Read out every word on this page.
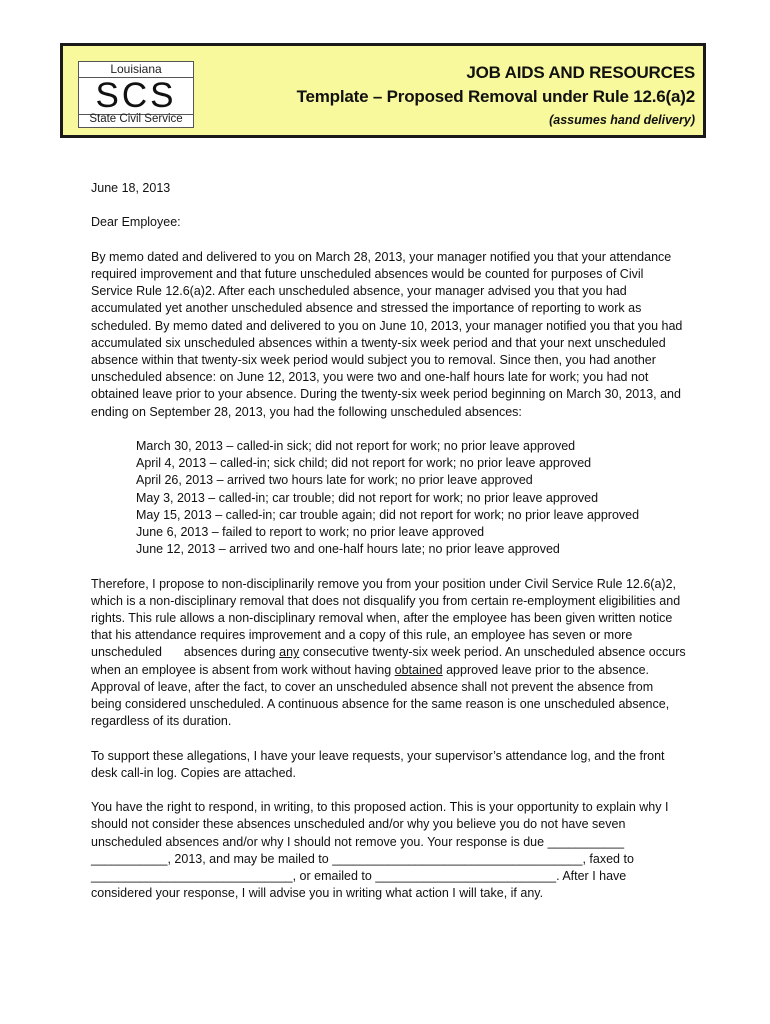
Louisiana
SCS
State Civil Service
JOB AIDS AND RESOURCES
Template – Proposed Removal under Rule 12.6(a)2
(assumes hand delivery)

June 18, 2013

Dear Employee:

By memo dated and delivered to you on March 28, 2013, your manager notified you that your attendance required improvement and that future unscheduled absences would be counted for purposes of Civil Service Rule 12.6(a)2. After each unscheduled absence, your manager advised you that you had accumulated yet another unscheduled absence and stressed the importance of reporting to work as scheduled. By memo dated and delivered to you on June 10, 2013, your manager notified you that you had accumulated six unscheduled absences within a twenty-six week period and that your next unscheduled absence within that twenty-six week period would subject you to removal. Since then, you had another unscheduled absence: on June 12, 2013, you were two and one-half hours late for work; you had not obtained leave prior to your absence. During the twenty-six week period beginning on March 30, 2013, and ending on September 28, 2013, you had the following unscheduled absences:

March 30, 2013 – called-in sick; did not report for work; no prior leave approved
April 4, 2013 – called-in; sick child; did not report for work; no prior leave approved
April 26, 2013 – arrived two hours late for work; no prior leave approved
May 3, 2013 – called-in; car trouble; did not report for work; no prior leave approved
May 15, 2013 – called-in; car trouble again; did not report for work; no prior leave approved
June 6, 2013 – failed to report to work; no prior leave approved
June 12, 2013 – arrived two and one-half hours late; no prior leave approved

Therefore, I propose to non-disciplinarily remove you from your position under Civil Service Rule 12.6(a)2, which is a non-disciplinary removal that does not disqualify you from certain re-employment eligibilities and rights. This rule allows a non-disciplinary removal when, after the employee has been given written notice that his attendance requires improvement and a copy of this rule, an employee has seven or more unscheduled absences during any consecutive twenty-six week period. An unscheduled absence occurs when an employee is absent from work without having obtained approved leave prior to the absence. Approval of leave, after the fact, to cover an unscheduled absence shall not prevent the absence from being considered unscheduled. A continuous absence for the same reason is one unscheduled absence, regardless of its duration.

To support these allegations, I have your leave requests, your supervisor’s attendance log, and the front desk call-in log. Copies are attached.

You have the right to respond, in writing, to this proposed action. This is your opportunity to explain why I should not consider these absences unscheduled and/or why you believe you do not have seven unscheduled absences and/or why I should not remove you. Your response is due ___________ ___________, 2013, and may be mailed to ____________________________________, faxed to _____________________________, or emailed to __________________________. After I have considered your response, I will advise you in writing what action I will take, if any.
